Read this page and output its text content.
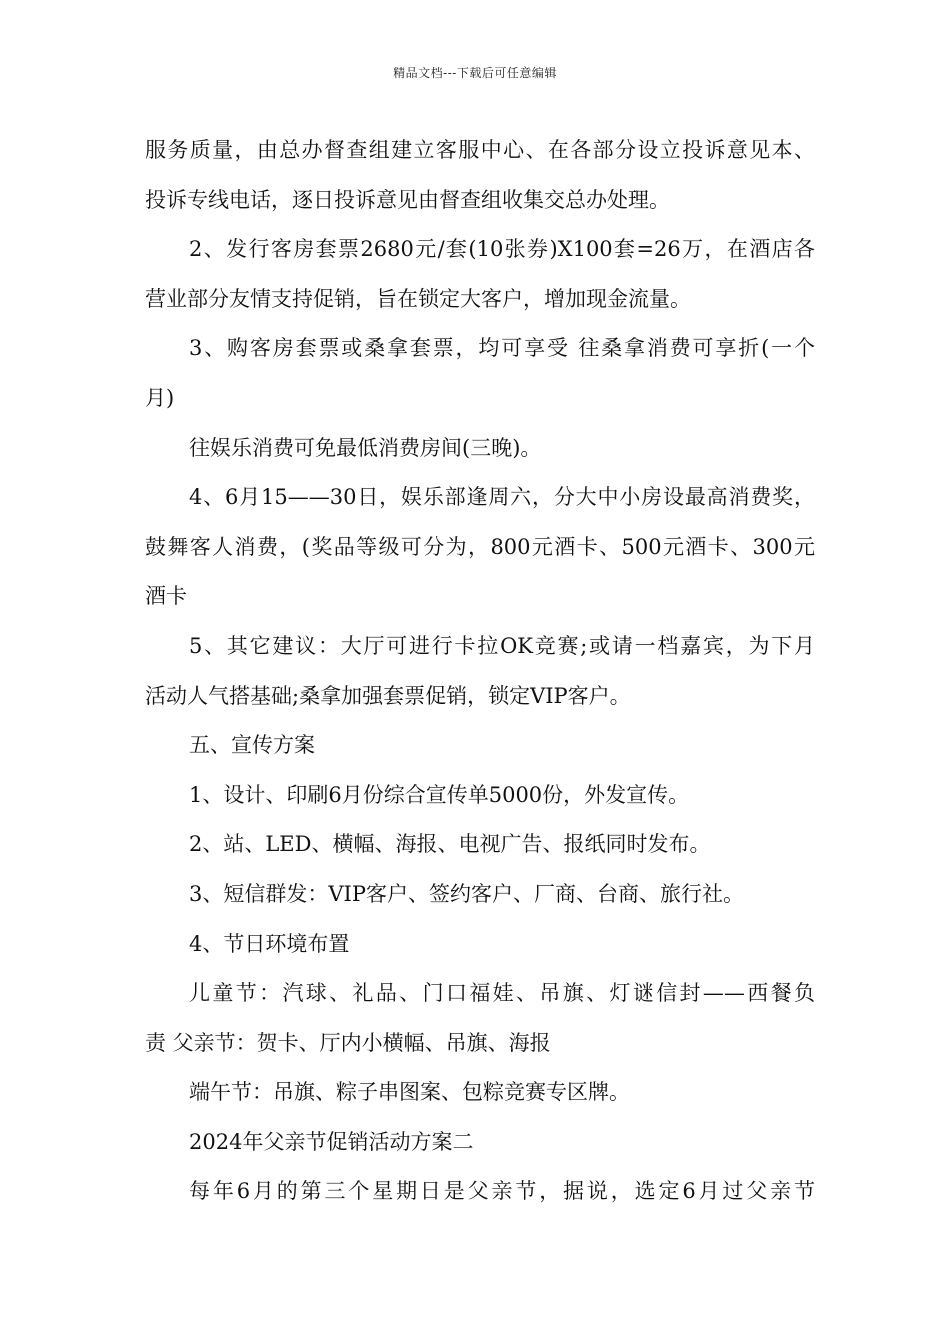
精品文档---下载后可任意编辑
服务质量，由总办督查组建立客服中心、在各部分设立投诉意见本、
投诉专线电话，逐日投诉意见由督查组收集交总办处理。
2、发行客房套票2680元/套(10张券)X100套=26万，在酒店各
营业部分友情支持促销，旨在锁定大客户，增加现金流量。
3、购客房套票或桑拿套票，均可享受 往桑拿消费可享折(一个
月)
往娱乐消费可免最低消费房间(三晚)。
4、6月15——30日，娱乐部逢周六，分大中小房设最高消费奖，
鼓舞客人消费，(奖品等级可分为，800元酒卡、500元酒卡、300元
酒卡
5、其它建议：大厅可进行卡拉OK竞赛;或请一档嘉宾，为下月
活动人气搭基础;桑拿加强套票促销，锁定VIP客户。
五、宣传方案
1、设计、印刷6月份综合宣传单5000份，外发宣传。
2、站、LED、横幅、海报、电视广告、报纸同时发布。
3、短信群发：VIP客户、签约客户、厂商、台商、旅行社。
4、节日环境布置
儿童节：汽球、礼品、门口福娃、吊旗、灯谜信封——西餐负
责 父亲节：贺卡、厅内小横幅、吊旗、海报
端午节：吊旗、粽子串图案、包粽竞赛专区牌。
2024年父亲节促销活动方案二
每年6月的第三个星期日是父亲节，据说，选定6月过父亲节
